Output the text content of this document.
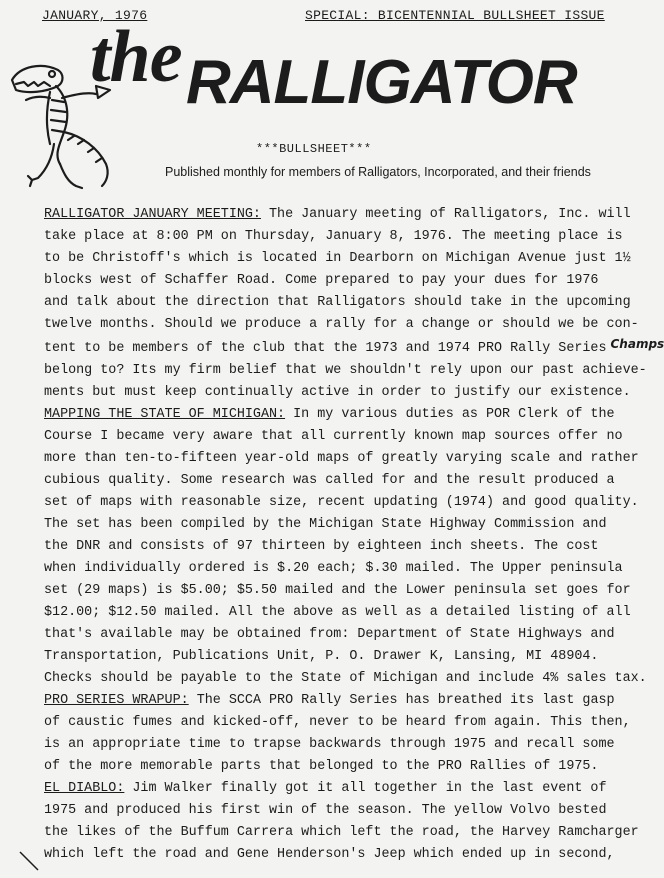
JANUARY, 1976	SPECIAL: BICENTENNIAL BULLSHEET ISSUE
the RALLIGATOR
***BULLSHEET***
Published monthly for members of Ralligators, Incorporated, and their friends
RALLIGATOR JANUARY MEETING: The January meeting of Ralligators, Inc. will
take place at 8:00 PM on Thursday, January 8, 1976. The meeting place is
to be Christoff's which is located in Dearborn on Michigan Avenue just 1½
blocks west of Schaffer Road. Come prepared to pay your dues for 1976
and talk about the direction that Ralligators should take in the upcoming
twelve months. Should we produce a rally for a change or should we be con-
tent to be members of the club that the 1973 and 1974 PRO Rally Series Champs
belong to? Its my firm belief that we shouldn't rely upon our past achieve-
ments but must keep continually active in order to justify our existence.
MAPPING THE STATE OF MICHIGAN: In my various duties as POR Clerk of the
Course I became very aware that all currently known map sources offer no
more than ten-to-fifteen year-old maps of greatly varying scale and rather
cubious quality. Some research was called for and the result produced a
set of maps with reasonable size, recent updating (1974) and good quality.
The set has been compiled by the Michigan State Highway Commission and
the DNR and consists of 97 thirteen by eighteen inch sheets. The cost
when individually ordered is $.20 each; $.30 mailed. The Upper peninsula
set (29 maps) is $5.00; $5.50 mailed and the Lower peninsula set goes for
$12.00; $12.50 mailed. All the above as well as a detailed listing of all
that's available may be obtained from: Department of State Highways and
Transportation, Publications Unit, P. O. Drawer K, Lansing, MI 48904.
Checks should be payable to the State of Michigan and include 4% sales tax.
PRO SERIES WRAPUP: The SCCA PRO Rally Series has breathed its last gasp
of caustic fumes and kicked-off, never to be heard from again. This then,
is an appropriate time to trapse backwards through 1975 and recall some
of the more memorable parts that belonged to the PRO Rallies of 1975.
EL DIABLO: Jim Walker finally got it all together in the last event of
1975 and produced his first win of the season. The yellow Volvo bested
the likes of the Buffum Carrera which left the road, the Harvey Ramcharger
which left the road and Gene Henderson's Jeep which ended up in second,
